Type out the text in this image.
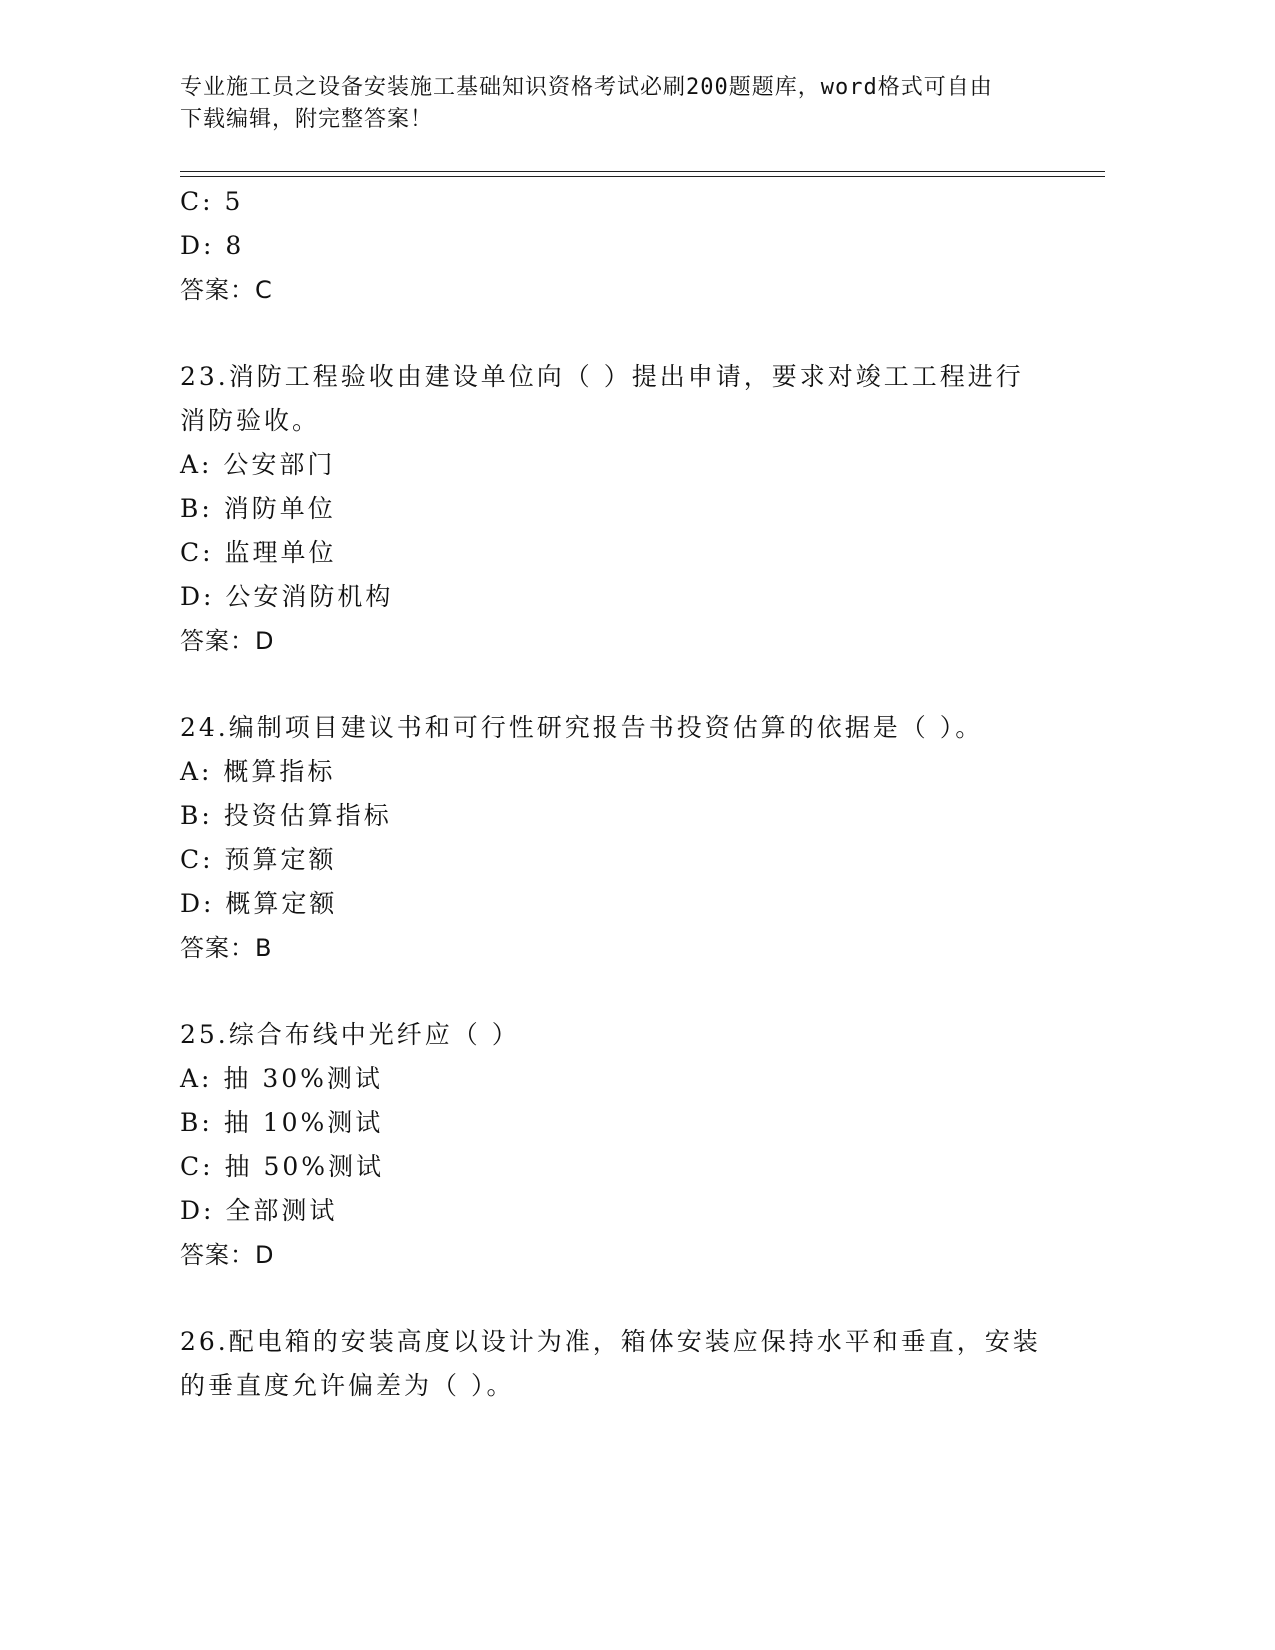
专业施工员之设备安装施工基础知识资格考试必刷200题题库，word格式可自由
下载编辑，附完整答案！
C: 5
D: 8
答案：C
23.消防工程验收由建设单位向（ ）提出申请，要求对竣工工程进行
消防验收。
A: 公安部门
B: 消防单位
C: 监理单位
D: 公安消防机构
答案：D
24.编制项目建议书和可行性研究报告书投资估算的依据是（ ）。
A: 概算指标
B: 投资估算指标
C: 预算定额
D: 概算定额
答案：B
25.综合布线中光纤应（ ）
A: 抽 30%测试
B: 抽 10%测试
C: 抽 50%测试
D: 全部测试
答案：D
26.配电箱的安装高度以设计为准，箱体安装应保持水平和垂直，安装
的垂直度允许偏差为（ ）。
